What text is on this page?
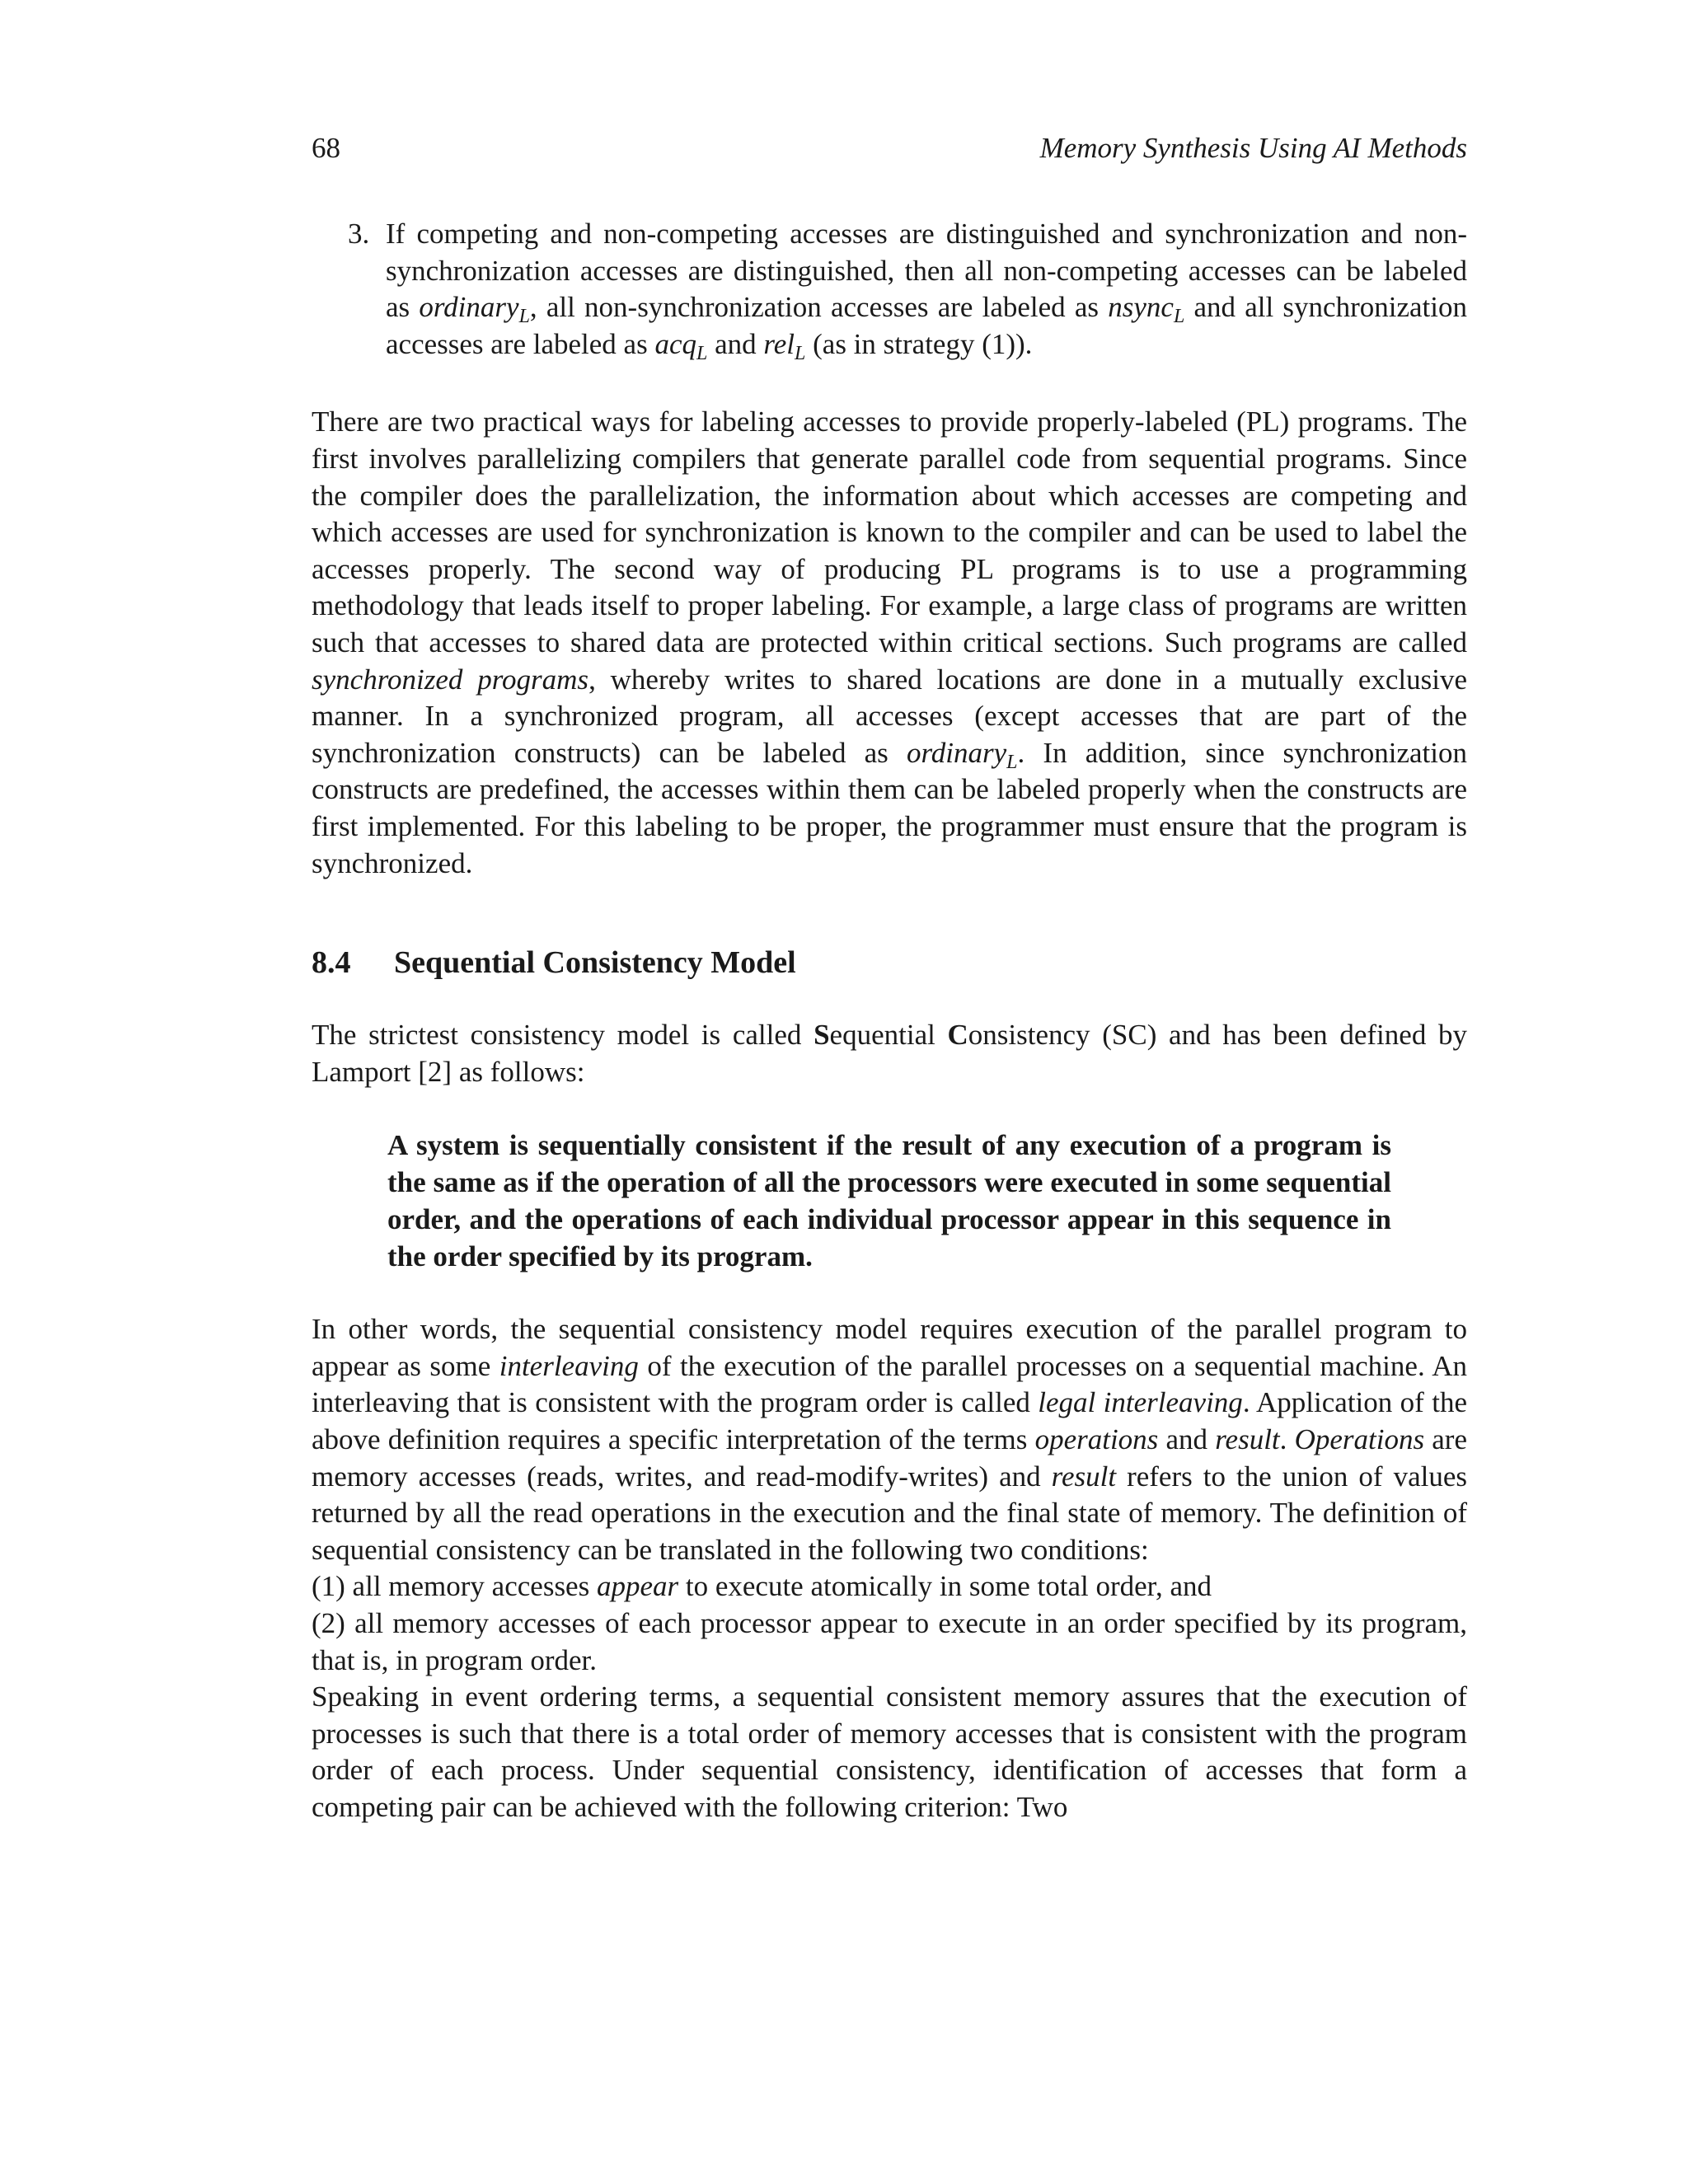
68	Memory Synthesis Using AI Methods
3. If competing and non-competing accesses are distinguished and synchronization and non-synchronization accesses are distinguished, then all non-competing accesses can be labeled as ordinary$_L$, all non-synchronization accesses are labeled as nsync$_L$ and all synchronization accesses are labeled as acq$_L$ and rel$_L$ (as in strategy (1)).

There are two practical ways for labeling accesses to provide properly-labeled (PL) programs. The first involves parallelizing compilers that generate parallel code from sequential programs. Since the compiler does the parallelization, the information about which accesses are competing and which accesses are used for synchronization is known to the compiler and can be used to label the accesses properly. The second way of producing PL programs is to use a programming methodology that leads itself to proper labeling. For example, a large class of programs are written such that accesses to shared data are protected within critical sections. Such programs are called synchronized programs, whereby writes to shared locations are done in a mutually exclusive manner. In a synchronized program, all accesses (except accesses that are part of the synchronization constructs) can be labeled as ordinary$_L$. In addition, since synchronization constructs are predefined, the accesses within them can be labeled properly when the constructs are first implemented. For this labeling to be proper, the programmer must ensure that the program is synchronized.

8.4 Sequential Consistency Model

The strictest consistency model is called Sequential Consistency (SC) and has been defined by Lamport [2] as follows:

A system is sequentially consistent if the result of any execution of a program is the same as if the operation of all the processors were executed in some sequential order, and the operations of each individual processor appear in this sequence in the order specified by its program.

In other words, the sequential consistency model requires execution of the parallel program to appear as some interleaving of the execution of the parallel processes on a sequential machine. An interleaving that is consistent with the program order is called legal interleaving. Application of the above definition requires a specific interpretation of the terms operations and result. Operations are memory accesses (reads, writes, and read-modify-writes) and result refers to the union of values returned by all the read operations in the execution and the final state of memory. The definition of sequential consistency can be translated in the following two conditions:

(1) all memory accesses appear to execute atomically in some total order, and

(2) all memory accesses of each processor appear to execute in an order specified by its program, that is, in program order.

Speaking in event ordering terms, a sequential consistent memory assures that the execution of processes is such that there is a total order of memory accesses that is consistent with the program order of each process. Under sequential consistency, identification of accesses that form a competing pair can be achieved with the following criterion: Two
